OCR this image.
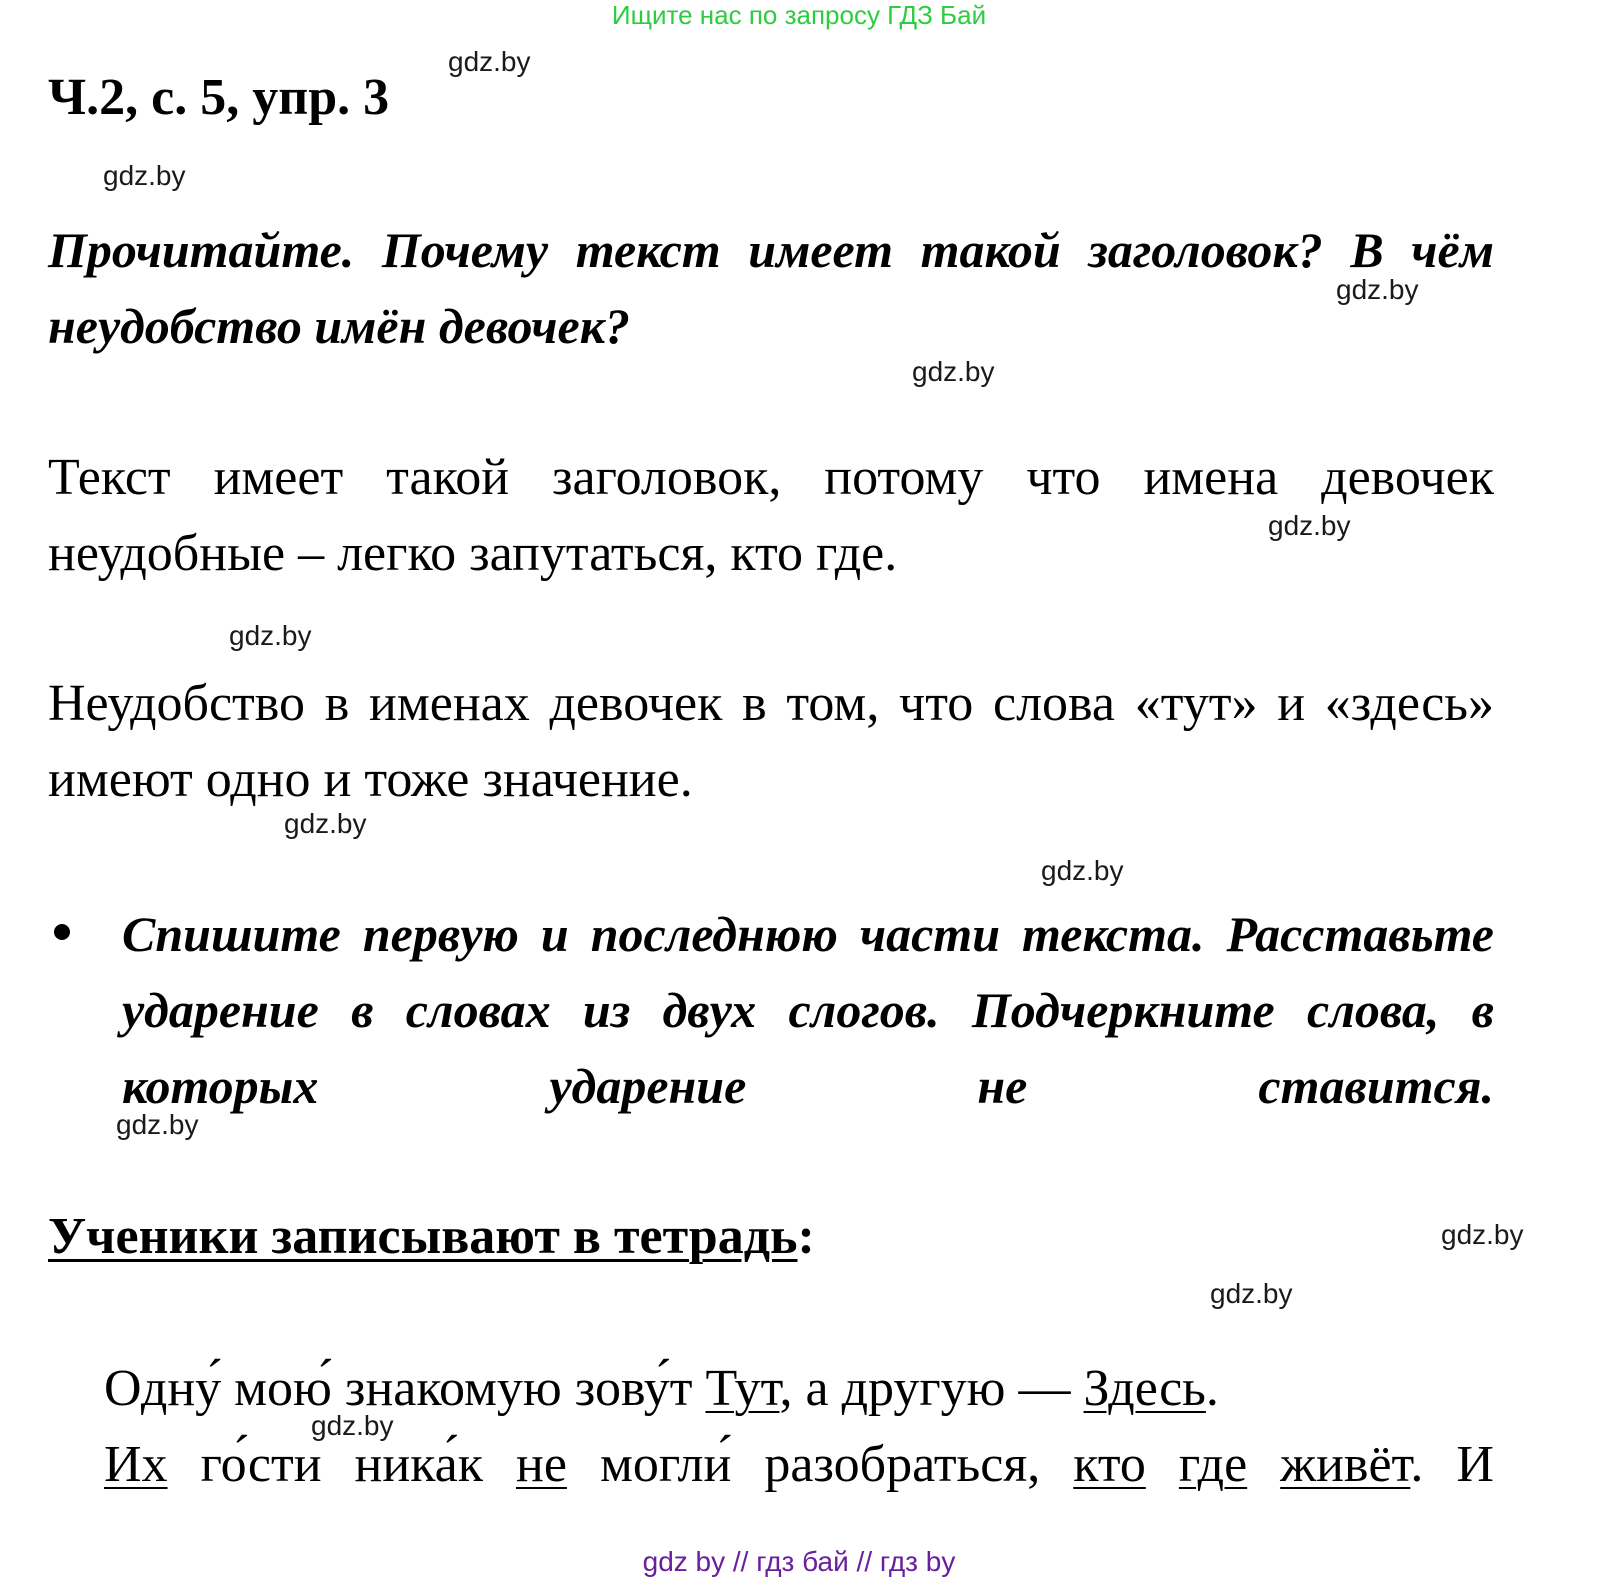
Ищите нас по запросу ГДЗ Бай
Ч.2, с. 5, упр. 3
gdz.by
gdz.by
Прочитайте. Почему текст имеет такой заголовок? В чём неудобство имён девочек?
gdz.by
gdz.by
Текст имеет такой заголовок, потому что имена девочек неудобные – легко запутаться, кто где.	gdz.by
gdz.by
Неудобство в именах девочек в том, что слова «тут» и «здесь» имеют одно и тоже значение.
gdz.by
gdz.by
Спишите первую и последнюю части текста. Расставьте ударение в словах из двух слогов. Подчеркните слова, в которых ударение не ставится.
gdz.by
Ученики записывают в тетрадь:	gdz.by
gdz.by
Одну́ мою́ знакомую зову́т Тут, а другую — Здесь.
gdz.by
Их го́сти ника́к не могли́ разобраться, кто где живёт. И
gdz by // гдз бай // гдз by
